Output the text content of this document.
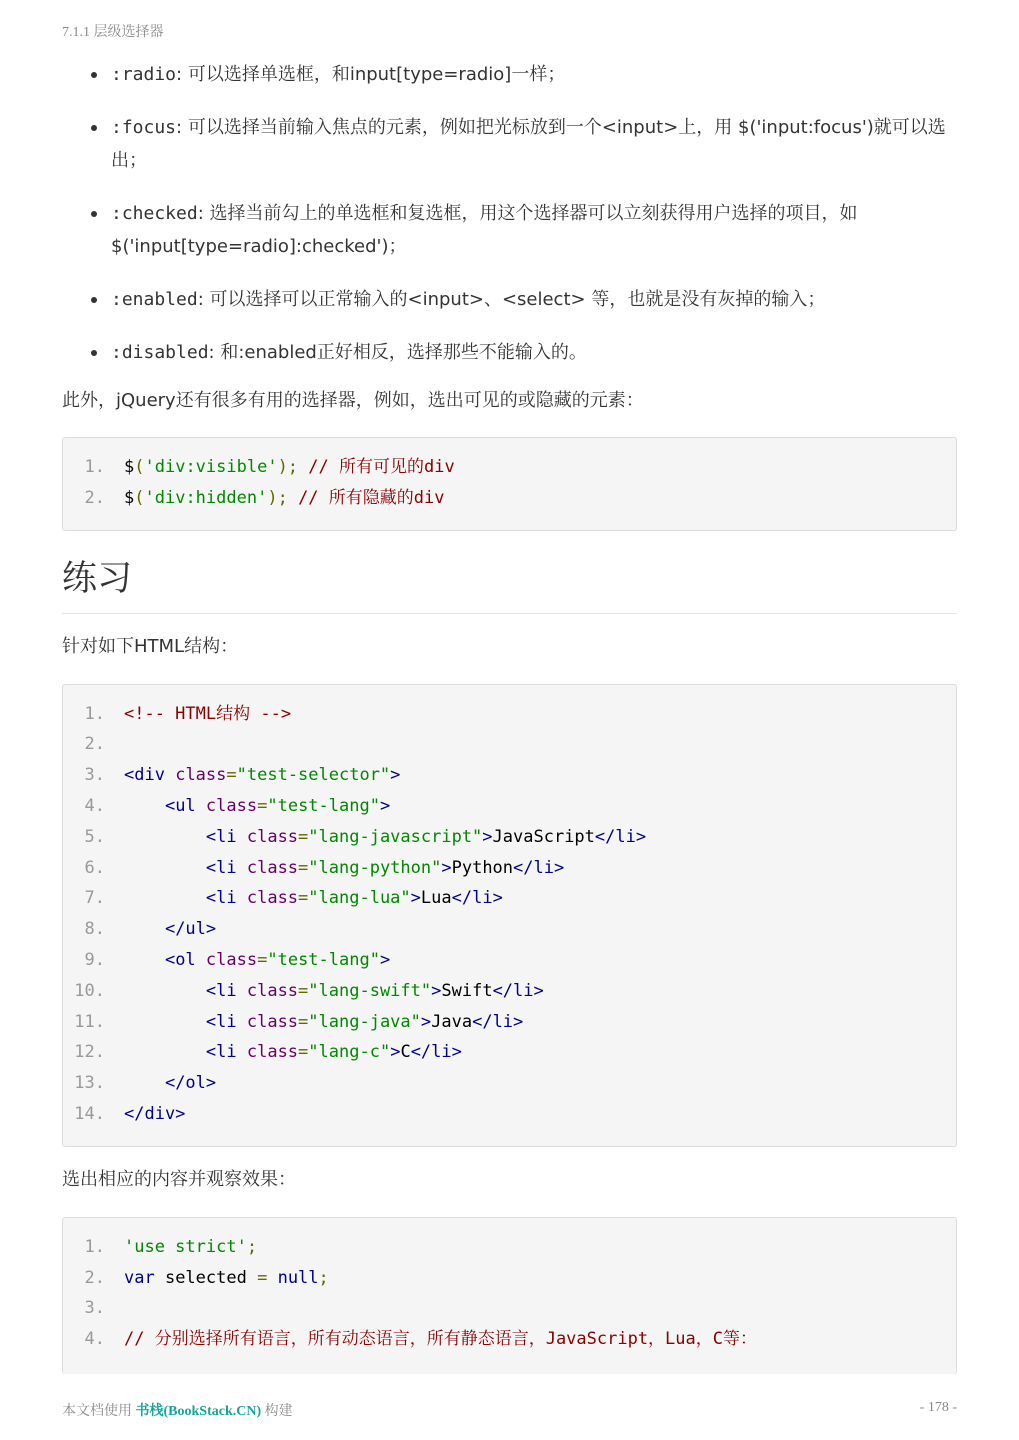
7.1.1 层级选择器
:radio: 可以选择单选框，和input[type=radio]一样；
:focus: 可以选择当前输入焦点的元素，例如把光标放到一个<input>上，用 $('input:focus')就可以选出；
:checked: 选择当前勾上的单选框和复选框，用这个选择器可以立刻获得用户选择的项目，如 $('input[type=radio]:checked')；
:enabled: 可以选择可以正常输入的<input>、<select> 等，也就是没有灰掉的输入；
:disabled: 和:enabled正好相反，选择那些不能输入的。

此外，jQuery还有很多有用的选择器，例如，选出可见的或隐藏的元素：

1. $('div:visible'); // 所有可见的div
2. $('div:hidden'); // 所有隐藏的div
练习

针对如下HTML结构：

1. <!-- HTML结构 -->
2.
3. <div class="test-selector">
4.	<ul class="test-lang">
5.	<li class="lang-javascript">JavaScript</li>
6.	<li class="lang-python">Python</li>
7.	<li class="lang-lua">Lua</li>
8.	</ul>
9.	<ol class="test-lang">
10.	<li class="lang-swift">Swift</li>
11.	<li class="lang-java">Java</li>
12.	<li class="lang-c">C</li>
13.	</ol>
14. </div>

选出相应的内容并观察效果：

1. 'use strict';
2. var selected = null;
3.
4. // 分别选择所有语言，所有动态语言，所有静态语言，JavaScript，Lua，C等：
本文档使用 书栈(BookStack.CN) 构建	- 178 -
